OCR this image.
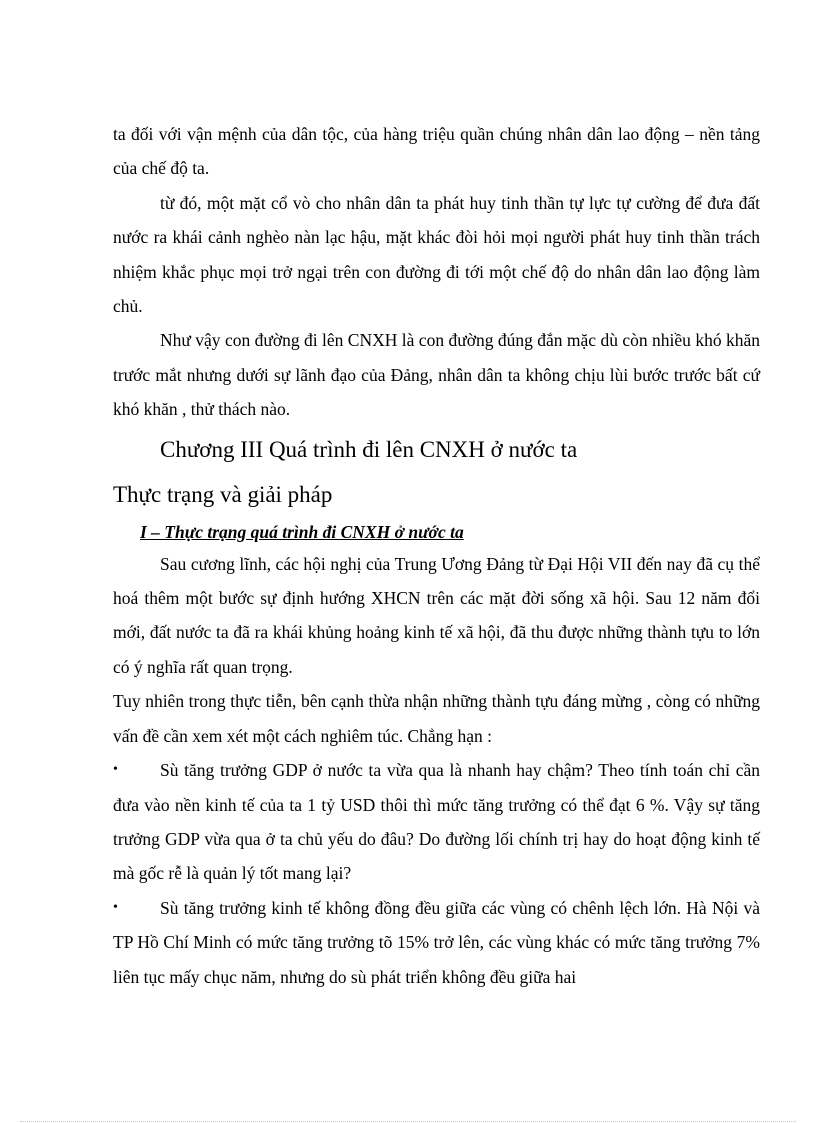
ta đối với vận mệnh của dân tộc, của hàng triệu quần chúng nhân dân lao động – nền tảng của chế độ ta.

từ đó, một mặt cổ vò cho nhân dân ta phát huy tinh thần tự lực tự cường để đưa đất nước ra khái cảnh nghèo nàn lạc hậu, mặt khác đòi hỏi mọi người phát huy tinh thần trách nhiệm khắc phục mọi trở ngại trên con đường đi tới một chế độ do nhân dân lao động làm chủ.

Như vậy con đường đi lên CNXH là con đường đúng đắn mặc dù còn nhiều khó khăn trước mắt nhưng dưới sự lãnh đạo của Đảng, nhân dân ta không chịu lùi bước trước bất cứ khó khăn , thử thách nào.

Chương III Quá trình đi lên CNXH ở nước ta
Thực trạng và giải pháp
I – Thực trạng quá trình đi CNXH ở nước ta

Sau cương lĩnh, các hội nghị của Trung Ương Đảng từ Đại Hội VII đến nay đã cụ thể hoá thêm một bước sự định hướng XHCN trên các mặt đời sống xã hội. Sau 12 năm đổi mới, đất nước ta đã ra khái khủng hoảng kinh tế xã hội, đã thu được những thành tựu to lớn có ý nghĩa rất quan trọng.

Tuy nhiên trong thực tiễn, bên cạnh thừa nhận những thành tựu đáng mừng , còng có những vấn đề cần xem xét một cách nghiêm túc. Chẳng hạn :

•	Sù tăng trưởng GDP ở nước ta vừa qua là nhanh hay chậm? Theo tính toán chỉ cần đưa vào nền kinh tế của ta 1 tỷ USD thôi thì mức tăng trưởng có thể đạt 6 %. Vậy sự tăng trưởng GDP vừa qua ở ta chủ yếu do đâu? Do đường lối chính trị hay do hoạt động kinh tế mà gốc rễ là quản lý tốt mang lại?

•	Sù tăng trưởng kinh tế không đồng đều giữa các vùng có chênh lệch lớn. Hà Nội và TP Hồ Chí Minh có mức tăng trưởng tõ 15% trở lên, các vùng khác có mức tăng trưởng 7% liên tục mấy chục năm, nhưng do sù phát triển không đều giữa hai
